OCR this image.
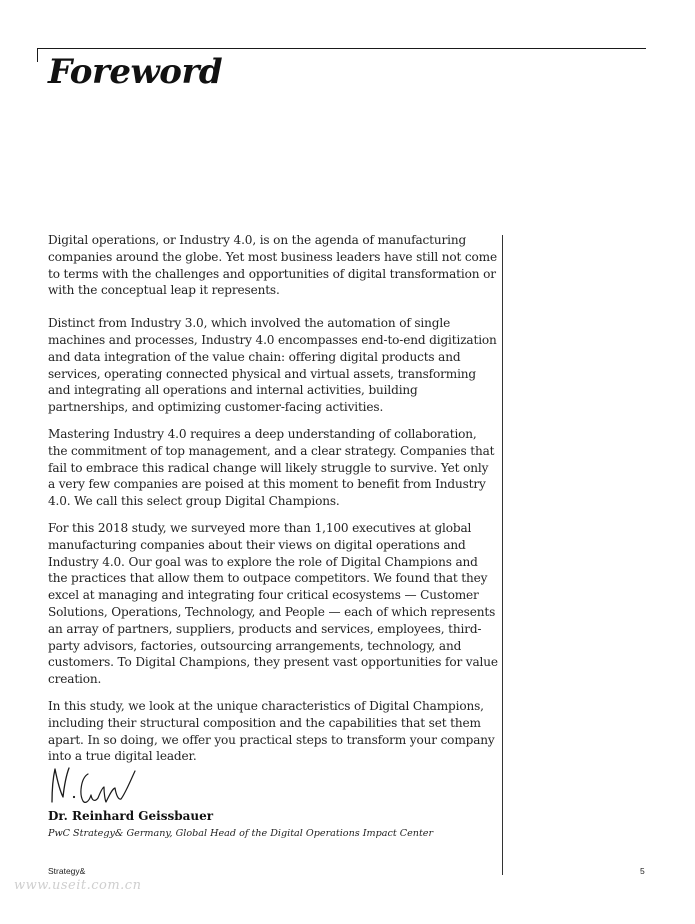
Foreword

Digital operations, or Industry 4.0, is on the agenda of manufacturing companies around the globe. Yet most business leaders have still not come to terms with the challenges and opportunities of digital transformation or with the conceptual leap it represents.

Distinct from Industry 3.0, which involved the automation of single machines and processes, Industry 4.0 encompasses end-to-end digitization and data integration of the value chain: offering digital products and services, operating connected physical and virtual assets, transforming and integrating all operations and internal activities, building partnerships, and optimizing customer-facing activities.

Mastering Industry 4.0 requires a deep understanding of collaboration, the commitment of top management, and a clear strategy. Companies that fail to embrace this radical change will likely struggle to survive. Yet only a very few companies are poised at this moment to benefit from Industry 4.0. We call this select group Digital Champions.

For this 2018 study, we surveyed more than 1,100 executives at global manufacturing companies about their views on digital operations and Industry 4.0. Our goal was to explore the role of Digital Champions and the practices that allow them to outpace competitors. We found that they excel at managing and integrating four critical ecosystems — Customer Solutions, Operations, Technology, and People — each of which represents an array of partners, suppliers, products and services, employees, third-party advisors, factories, outsourcing arrangements, technology, and customers. To Digital Champions, they present vast opportunities for value creation.

In this study, we look at the unique characteristics of Digital Champions, including their structural composition and the capabilities that set them apart. In so doing, we offer you practical steps to transform your company into a true digital leader.

Dr. Reinhard Geissbauer

PwC Strategy& Germany, Global Head of the Digital Operations Impact Center

Strategy&	5
www.useit.com.cn
